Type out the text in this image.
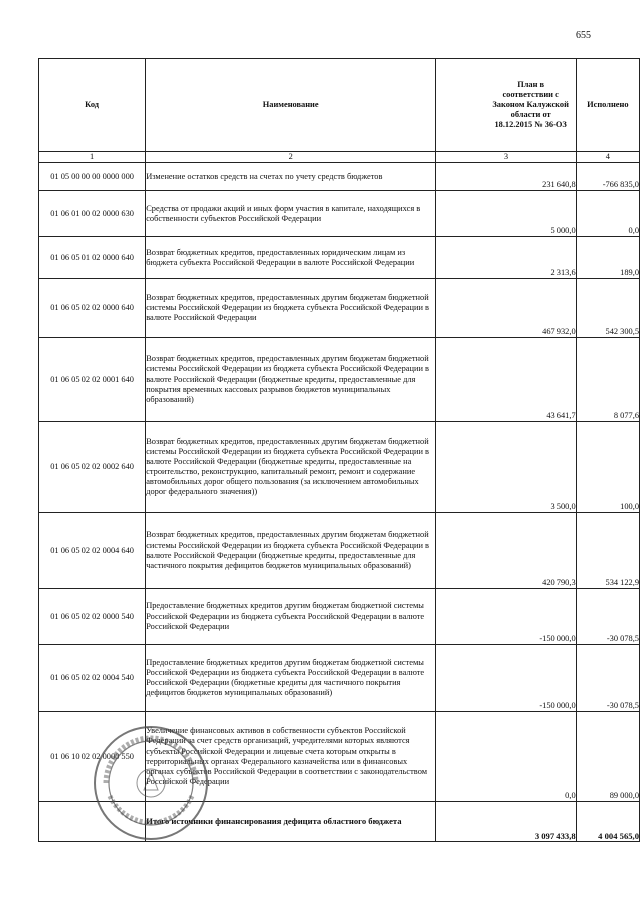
655
Код	Наименование	План в соответствии с Законом Калужской области от 18.12.2015 № 36-ОЗ	Исполнено
1	2	3	4
01 05 00 00 00 0000 000	Изменение остатков средств на счетах по учету средств бюджетов	231 640,8	-766 835,0
01 06 01 00 02 0000 630	Средства от продажи акций и иных форм участия в капитале, находящихся в собственности субъектов Российской Федерации	5 000,0	0,0
01 06 05 01 02 0000 640	Возврат бюджетных кредитов, предоставленных юридическим лицам из бюджета субъекта Российской Федерации в валюте Российской Федерации	2 313,6	189,0
01 06 05 02 02 0000 640	Возврат бюджетных кредитов, предоставленных другим бюджетам бюджетной системы Российской Федерации из бюджета субъекта Российской Федерации в валюте Российской Федерации	467 932,0	542 300,5
01 06 05 02 02 0001 640	Возврат бюджетных кредитов, предоставленных другим бюджетам бюджетной системы Российской Федерации из бюджета субъекта Российской Федерации в валюте Российской Федерации (бюджетные кредиты, предоставленные для покрытия временных кассовых разрывов бюджетов муниципальных образований)	43 641,7	8 077,6
01 06 05 02 02 0002 640	Возврат бюджетных кредитов, предоставленных другим бюджетам бюджетной системы Российской Федерации из бюджета субъекта Российской Федерации в валюте Российской Федерации (бюджетные кредиты, предоставленные на строительство, реконструкцию, капитальный ремонт, ремонт и содержание автомобильных дорог общего пользования (за исключением автомобильных дорог федерального значения))	3 500,0	100,0
01 06 05 02 02 0004 640	Возврат бюджетных кредитов, предоставленных другим бюджетам бюджетной системы Российской Федерации из бюджета субъекта Российской Федерации в валюте Российской Федерации (бюджетные кредиты, предоставленные для частичного покрытия дефицитов бюджетов муниципальных образований)	420 790,3	534 122,9
01 06 05 02 02 0000 540	Предоставление бюджетных кредитов другим бюджетам бюджетной системы Российской Федерации из бюджета субъекта Российской Федерации в валюте Российской Федерации	-150 000,0	-30 078,5
01 06 05 02 02 0004 540	Предоставление бюджетных кредитов другим бюджетам бюджетной системы Российской Федерации из бюджета субъекта Российской Федерации в валюте Российской Федерации (бюджетные кредиты для частичного покрытия дефицитов бюджетов муниципальных образований)	-150 000,0	-30 078,5
01 06 10 02 02 0000 550	Увеличение финансовых активов в собственности субъектов Российской Федерации за счет средств организаций, учредителями которых являются субъекты Российской Федерации и лицевые счета которым открыты в территориальных органах Федерального казначейства или в финансовых органах субъектов Российской Федерации в соответствии с законодательством Российской Федерации	0,0	89 000,0
	Итого источники финансирования дефицита областного бюджета	3 097 433,8	4 004 565,0
